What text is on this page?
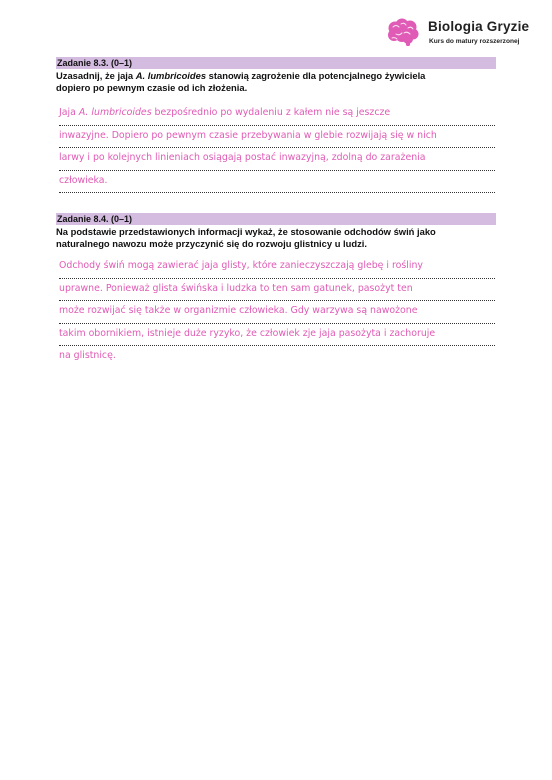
Biologia Gryzie
Kurs do matury rozszerzonej
Zadanie 8.3. (0–1)
Uzasadnij, że jaja A. lumbricoides stanowią zagrożenie dla potencjalnego żywiciela
dopiero po pewnym czasie od ich złożenia.
Jaja A. lumbricoides bezpośrednio po wydaleniu z kałem nie są jeszcze
inwazyjne. Dopiero po pewnym czasie przebywania w glebie rozwijają się w nich
larwy i po kolejnych linieniach osiągają postać inwazyjną, zdolną do zarażenia
człowieka.
Zadanie 8.4. (0–1)
Na podstawie przedstawionych informacji wykaż, że stosowanie odchodów świń jako
naturalnego nawozu może przyczynić się do rozwoju glistnicy u ludzi.
Odchody świń mogą zawierać jaja glisty, które zanieczyszczają glebę i rośliny
uprawne. Ponieważ glista świńska i ludzka to ten sam gatunek, pasożyt ten
może rozwijać się także w organizmie człowieka. Gdy warzywa są nawożone
takim obornikiem, istnieje duże ryzyko, że człowiek zje jaja pasożyta i zachoruje
na glistnicę.
